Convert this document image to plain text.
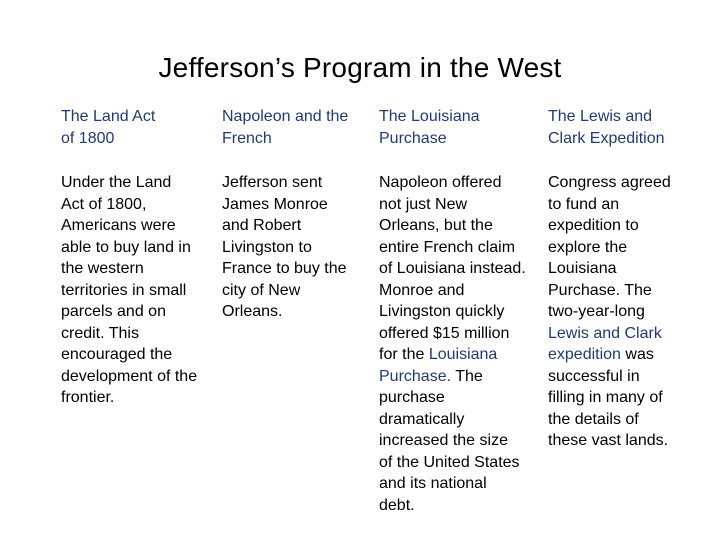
Jefferson’s Program in the West
The Land Act
of 1800
Under the Land
Act of 1800,
Americans were
able to buy land in
the western
territories in small
parcels and on
credit. This
encouraged the
development of the
frontier.
Napoleon and the
French
Jefferson sent
James Monroe
and Robert
Livingston to
France to buy the
city of New
Orleans.
The Louisiana
Purchase
Napoleon offered
not just New
Orleans, but the
entire French claim
of Louisiana instead.
Monroe and
Livingston quickly
offered $15 million
for the Louisiana
Purchase. The
purchase
dramatically
increased the size
of the United States
and its national
debt.
The Lewis and
Clark Expedition
Congress agreed
to fund an
expedition to
explore the
Louisiana
Purchase. The
two-year-long
Lewis and Clark
expedition was
successful in
filling in many of
the details of
these vast lands.
